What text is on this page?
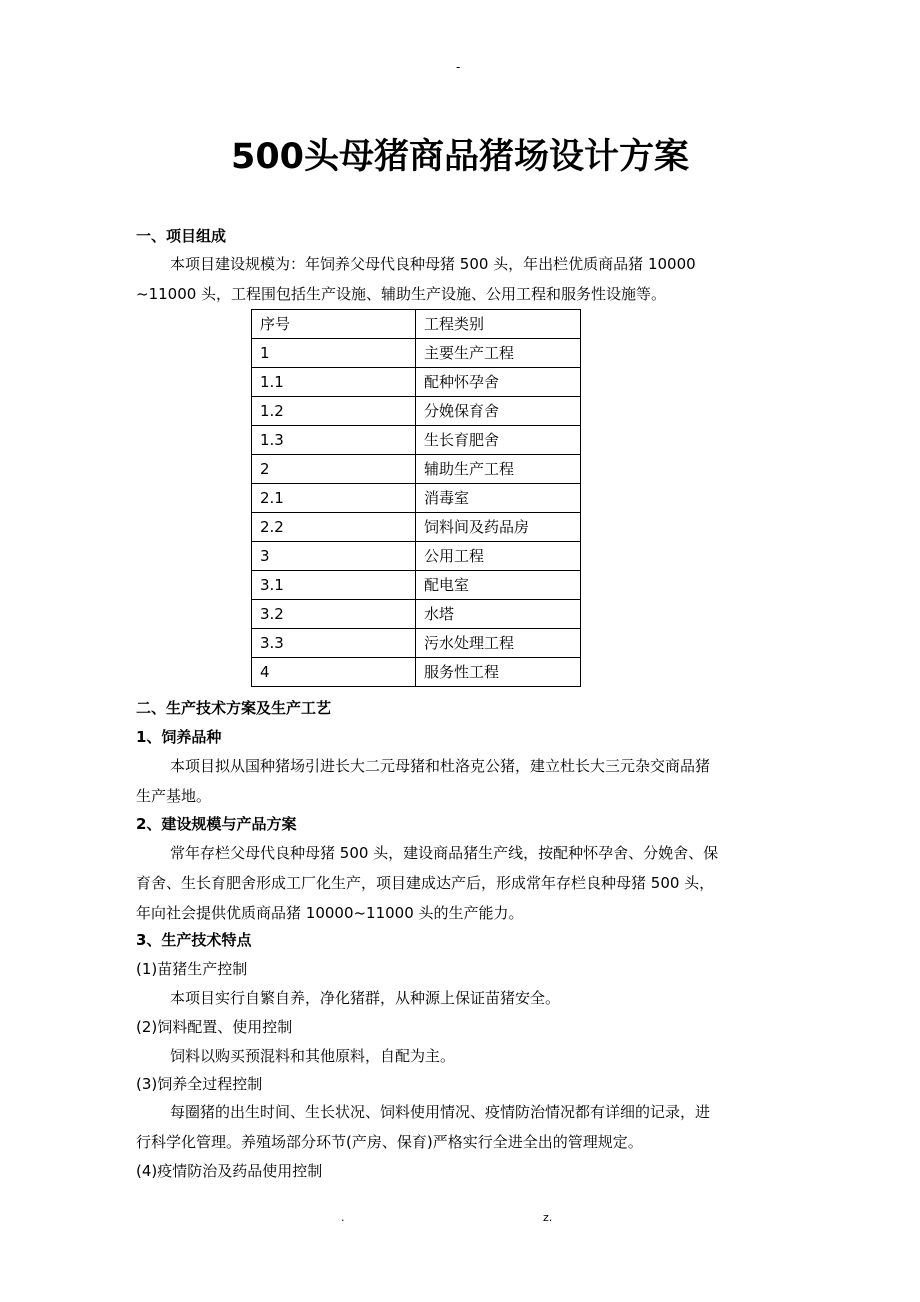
-
500头母猪商品猪场设计方案
一、项目组成
本项目建设规模为：年饲养父母代良种母猪 500 头，年出栏优质商品猪 10000
~11000 头，工程围包括生产设施、辅助生产设施、公用工程和服务性设施等。
序号	工程类别
1	主要生产工程
1.1	配种怀孕舍
1.2	分娩保育舍
1.3	生长育肥舍
2	辅助生产工程
2.1	消毒室
2.2	饲料间及药品房
3	公用工程
3.1	配电室
3.2	水塔
3.3	污水处理工程
4	服务性工程
二、生产技术方案及生产工艺
1、饲养品种
本项目拟从国种猪场引进长大二元母猪和杜洛克公猪，建立杜长大三元杂交商品猪
生产基地。
2、建设规模与产品方案
常年存栏父母代良种母猪 500 头，建设商品猪生产线，按配种怀孕舍、分娩舍、保
育舍、生长育肥舍形成工厂化生产，项目建成达产后，形成常年存栏良种母猪 500 头，
年向社会提供优质商品猪 10000~11000 头的生产能力。
3、生产技术特点
(1)苗猪生产控制
本项目实行自繁自养，净化猪群，从种源上保证苗猪安全。
(2)饲料配置、使用控制
饲料以购买预混料和其他原料，自配为主。
(3)饲养全过程控制
每圈猪的出生时间、生长状况、饲料使用情况、疫情防治情况都有详细的记录，进
行科学化管理。养殖场部分环节(产房、保育)严格实行全进全出的管理规定。
(4)疫情防治及药品使用控制
.	z.
